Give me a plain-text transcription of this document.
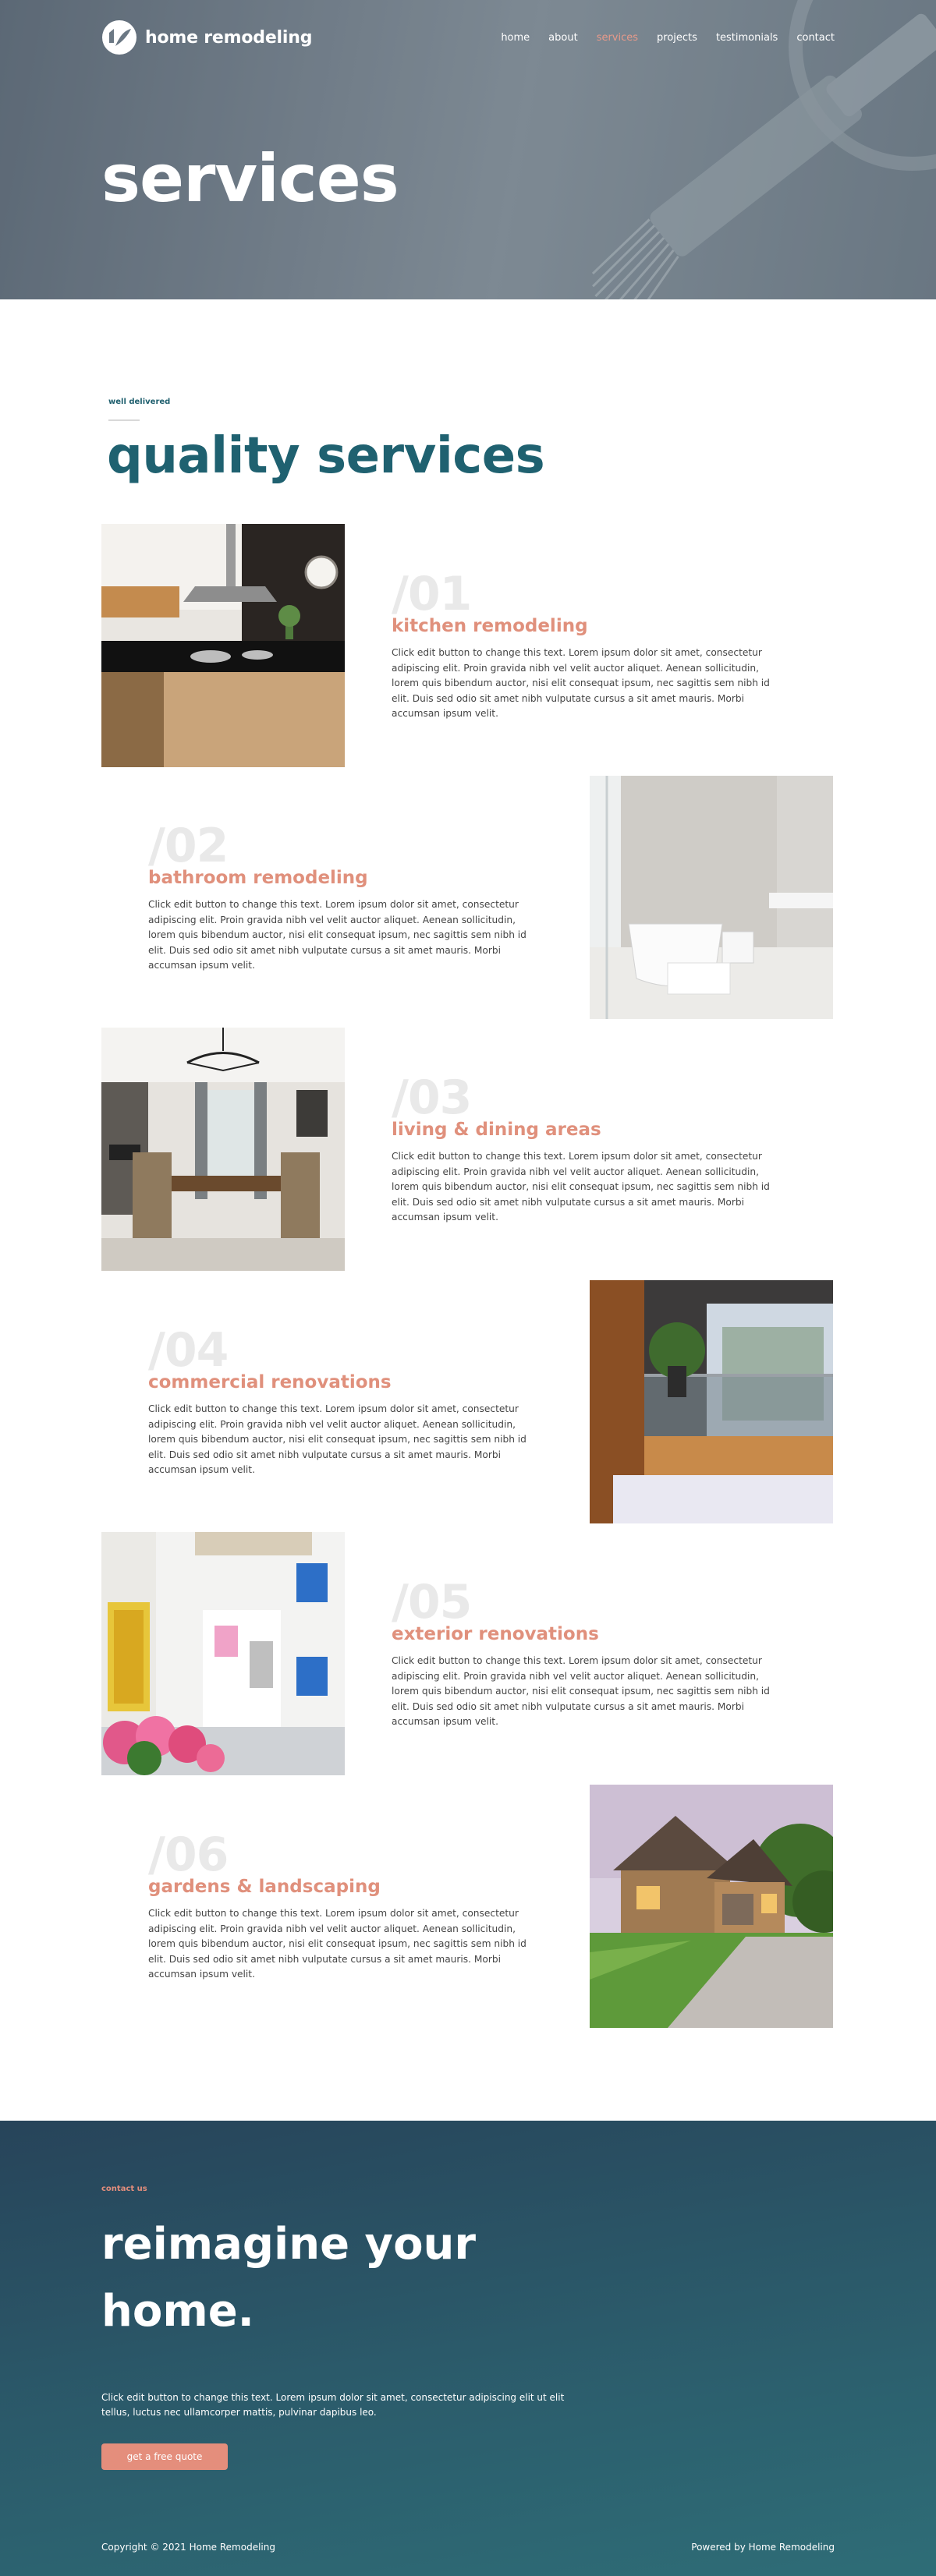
home remodeling	home about services projects testimonials contact
services
well delivered
quality services
/01
kitchen remodeling

Click edit button to change this text. Lorem ipsum dolor sit amet, consectetur adipiscing elit. Proin gravida nibh vel velit auctor aliquet. Aenean sollicitudin, lorem quis bibendum auctor, nisi elit consequat ipsum, nec sagittis sem nibh id elit. Duis sed odio sit amet nibh vulputate cursus a sit amet mauris. Morbi accumsan ipsum velit.

/02
bathroom remodeling

Click edit button to change this text. Lorem ipsum dolor sit amet, consectetur adipiscing elit. Proin gravida nibh vel velit auctor aliquet. Aenean sollicitudin, lorem quis bibendum auctor, nisi elit consequat ipsum, nec sagittis sem nibh id elit. Duis sed odio sit amet nibh vulputate cursus a sit amet mauris. Morbi accumsan ipsum velit.

/03
living & dining areas

Click edit button to change this text. Lorem ipsum dolor sit amet, consectetur adipiscing elit. Proin gravida nibh vel velit auctor aliquet. Aenean sollicitudin, lorem quis bibendum auctor, nisi elit consequat ipsum, nec sagittis sem nibh id elit. Duis sed odio sit amet nibh vulputate cursus a sit amet mauris. Morbi accumsan ipsum velit.

/04
commercial renovations

Click edit button to change this text. Lorem ipsum dolor sit amet, consectetur adipiscing elit. Proin gravida nibh vel velit auctor aliquet. Aenean sollicitudin, lorem quis bibendum auctor, nisi elit consequat ipsum, nec sagittis sem nibh id elit. Duis sed odio sit amet nibh vulputate cursus a sit amet mauris. Morbi accumsan ipsum velit.

/05
exterior renovations

Click edit button to change this text. Lorem ipsum dolor sit amet, consectetur adipiscing elit. Proin gravida nibh vel velit auctor aliquet. Aenean sollicitudin, lorem quis bibendum auctor, nisi elit consequat ipsum, nec sagittis sem nibh id elit. Duis sed odio sit amet nibh vulputate cursus a sit amet mauris. Morbi accumsan ipsum velit.

/06
gardens & landscaping

Click edit button to change this text. Lorem ipsum dolor sit amet, consectetur adipiscing elit. Proin gravida nibh vel velit auctor aliquet. Aenean sollicitudin, lorem quis bibendum auctor, nisi elit consequat ipsum, nec sagittis sem nibh id elit. Duis sed odio sit amet nibh vulputate cursus a sit amet mauris. Morbi accumsan ipsum velit.

contact us
reimagine your home.

Click edit button to change this text. Lorem ipsum dolor sit amet, consectetur adipiscing elit ut elit tellus, luctus nec ullamcorper mattis, pulvinar dapibus leo.

get a free quote
Copyright © 2021 Home Remodeling	Powered by Home Remodeling
